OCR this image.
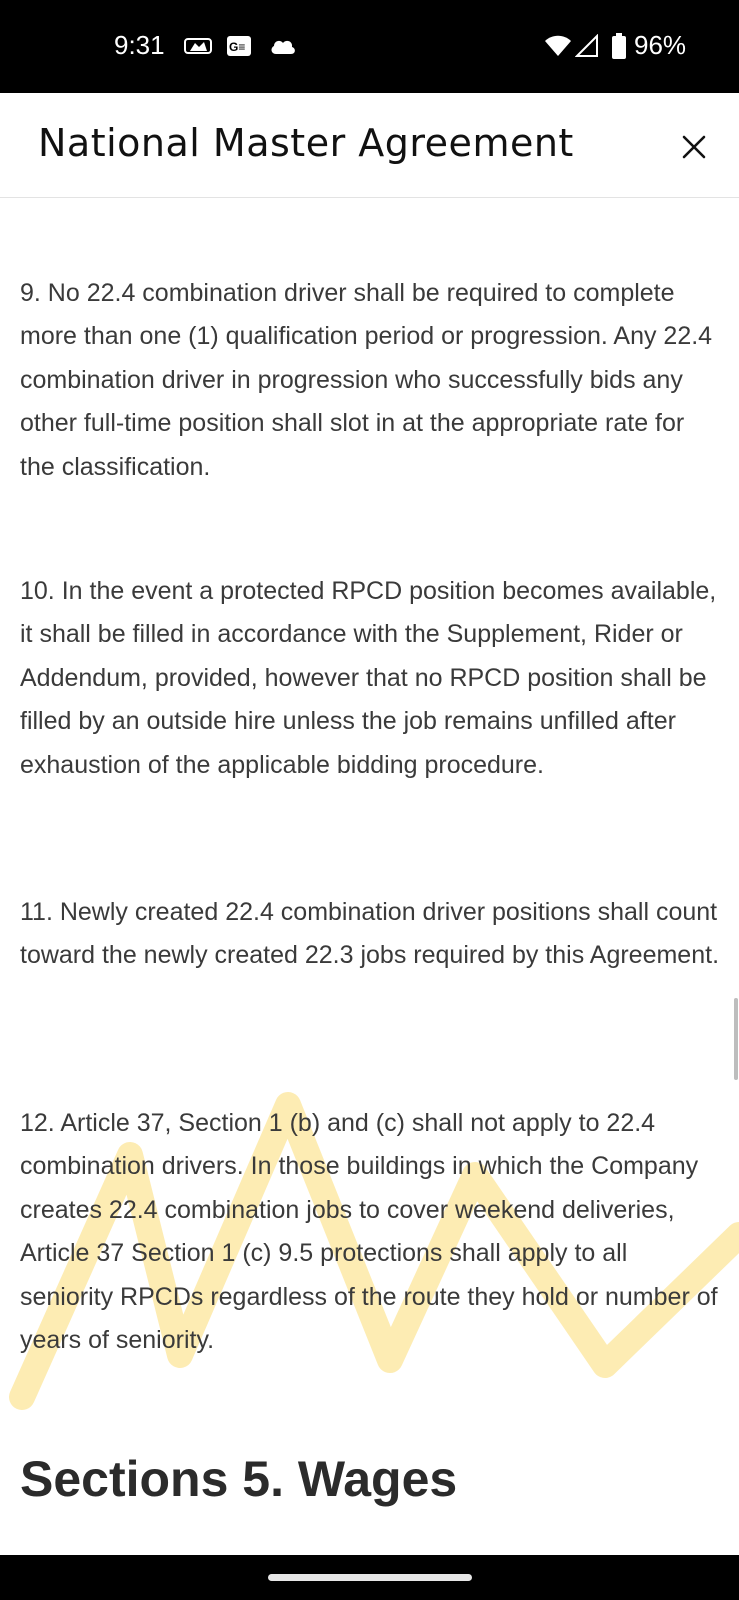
9:31	G≡	96%
National Master Agreement

9. No 22.4 combination driver shall be required to complete more than one (1) qualification period or progression. Any 22.4 combination driver in progression who successfully bids any other full-time position shall slot in at the appropriate rate for the classification.

10. In the event a protected RPCD position becomes available, it shall be filled in accordance with the Supplement, Rider or Addendum, provided, however that no RPCD position shall be filled by an outside hire unless the job remains unfilled after exhaustion of the applicable bidding procedure.

11. Newly created 22.4 combination driver positions shall count toward the newly created 22.3 jobs required by this Agreement.

12. Article 37, Section 1 (b) and (c) shall not apply to 22.4 combination drivers. In those buildings in which the Company creates 22.4 combination jobs to cover weekend deliveries, Article 37 Section 1 (c) 9.5 protections shall apply to all seniority RPCDs regardless of the route they hold or number of years of seniority.

Sections 5. Wages
